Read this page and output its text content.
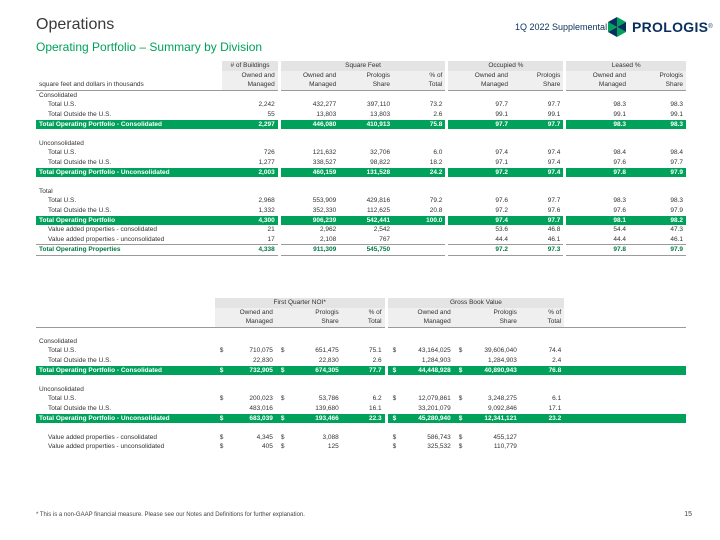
Operations
Operating Portfolio – Summary by Division
1Q 2022 Supplemental PROLOGIS ®
	# of Buildings	Square Feet			Occupied %		Leased %	
	Owned and	Owned and	Prologis	% of	Owned and	Prologis	Owned and	Prologis
square feet and dollars in thousands	Managed	Managed	Share	Total	Managed	Share	Managed	Share
Consolidated								
Total U.S.	2,242	432,277	397,110	73.2	97.7	97.7	98.3	98.3
Total Outside the U.S.	55	13,803	13,803	2.6	99.1	99.1	99.1	99.1
Total Operating Portfolio - Consolidated	2,297	446,080	410,913	75.8	97.7	97.7	98.3	98.3

Unconsolidated								
Total U.S.	726	121,632	32,706	6.0	97.4	97.4	98.4	98.4
Total Outside the U.S.	1,277	338,527	98,822	18.2	97.1	97.4	97.6	97.7
Total Operating Portfolio - Unconsolidated	2,003	460,159	131,528	24.2	97.2	97.4	97.8	97.9

Total								
Total U.S.	2,968	553,909	429,816	79.2	97.6	97.7	98.3	98.3
Total Outside the U.S.	1,332	352,330	112,625	20.8	97.2	97.6	97.6	97.9
Total Operating Portfolio	4,300	906,239	542,441	100.0	97.4	97.7	98.1	98.2
Value added properties - consolidated	21	2,962	2,542		53.6	46.8	54.4	47.3
Value added properties - unconsolidated	17	2,108	767		44.4	46.1	44.4	46.1
Total Operating Properties	4,338	911,309	545,750		97.2	97.3	97.8	97.9
	First Quarter NOI*					Gross Book Value					
	Owned and		Prologis		% of	Owned and		Prologis		% of	
	Managed		Share		Total	Managed		Share		Total	

Consolidated											
Total U.S.	$	710,075	$	651,475	75.1	$	43,164,025	$	39,606,040	74.4	
Total Outside the U.S.		22,830		22,830	2.6		1,284,903		1,284,903	2.4	
Total Operating Portfolio - Consolidated	$	732,905	$	674,305	77.7	$	44,448,928	$	40,890,943	76.8	

Unconsolidated											
Total U.S.	$	200,023	$	53,786	6.2	$	12,079,861	$	3,248,275	6.1	
Total Outside the U.S.		483,016		139,680	16.1		33,201,079		9,092,846	17.1	
Total Operating Portfolio - Unconsolidated	$	683,039	$	193,466	22.3	$	45,280,940	$	12,341,121	23.2	

Value added properties - consolidated	$	4,345	$	3,088		$	586,743	$	455,127		
Value added properties - unconsolidated	$	405	$	125		$	325,532	$	110,779		
* This is a non-GAAP financial measure. Please see our Notes and Definitions for further explanation.	15
